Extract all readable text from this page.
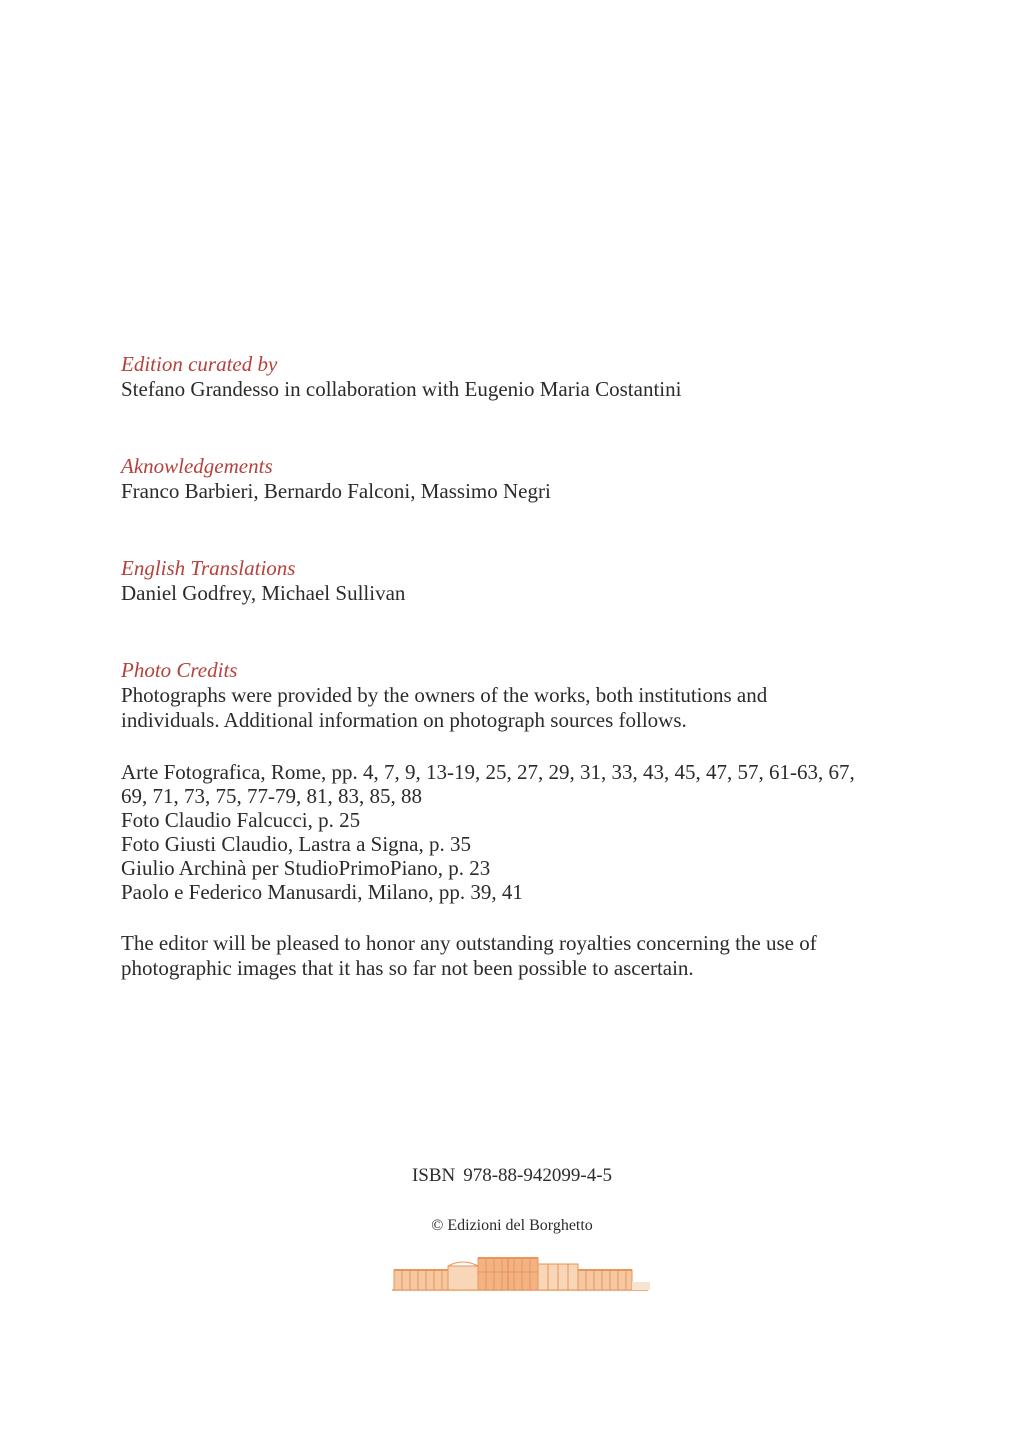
Edition curated by

Stefano Grandesso in collaboration with Eugenio Maria Costantini

Aknowledgements

Franco Barbieri, Bernardo Falconi, Massimo Negri

English Translations

Daniel Godfrey, Michael Sullivan

Photo Credits

Photographs were provided by the owners of the works, both institutions and

individuals. Additional information on photograph sources follows.

Arte Fotografica, Rome, pp. 4, 7, 9, 13-19, 25, 27, 29, 31, 33, 43, 45, 47, 57, 61-63, 67,

69, 71, 73, 75, 77-79, 81, 83, 85, 88

Foto Claudio Falcucci, p. 25

Foto Giusti Claudio, Lastra a Signa, p. 35

Giulio Archinà per StudioPrimoPiano, p. 23

Paolo e Federico Manusardi, Milano, pp. 39, 41

The editor will be pleased to honor any outstanding royalties concerning the use of

photographic images that it has so far not been possible to ascertain.

ISBN 978-88-942099-4-5
© Edizioni del Borghetto
